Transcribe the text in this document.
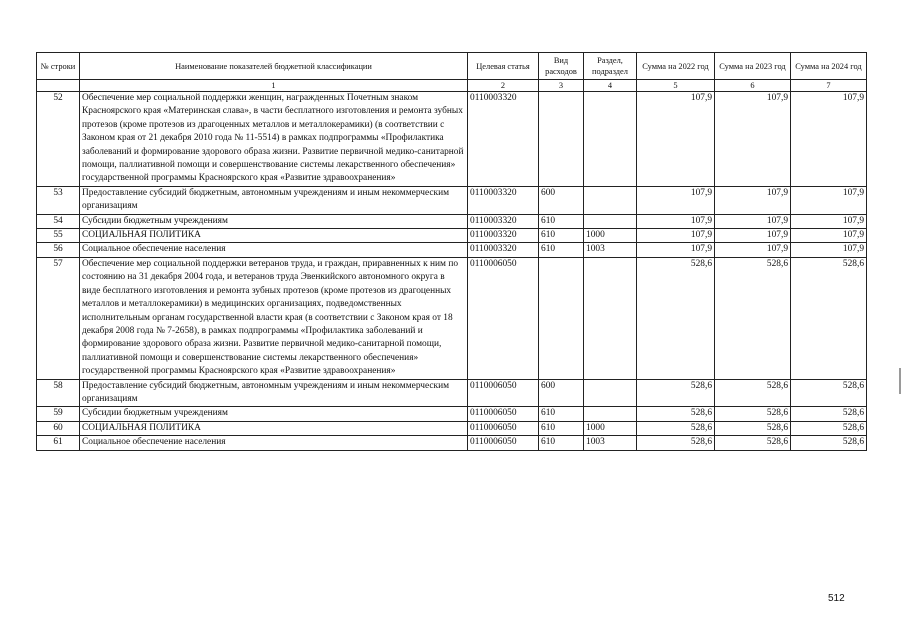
№ строки	Наименование показателей бюджетной классификации	Целевая статья	Вид расходов	Раздел, подраздел	Сумма на 2022 год	Сумма на 2023 год	Сумма на 2024 год
	1	2	3	4	5	6	7
52	Обеспечение мер социальной поддержки женщин, награжденных Почетным знаком Красноярского края «Материнская слава», в части бесплатного изготовления и ремонта зубных протезов (кроме протезов из драгоценных металлов и металлокерамики) (в соответствии с Законом края от 21 декабря 2010 года № 11-5514) в рамках подпрограммы «Профилактика заболеваний и формирование здорового образа жизни. Развитие первичной медико-санитарной помощи, паллиативной помощи и совершенствование системы лекарственного обеспечения» государственной программы Красноярского края «Развитие здравоохранения»	0110003320			107,9	107,9	107,9
53	Предоставление субсидий бюджетным, автономным учреждениям и иным некоммерческим организациям	0110003320	600		107,9	107,9	107,9
54	Субсидии бюджетным учреждениям	0110003320	610		107,9	107,9	107,9
55	СОЦИАЛЬНАЯ ПОЛИТИКА	0110003320	610	1000	107,9	107,9	107,9
56	Социальное обеспечение населения	0110003320	610	1003	107,9	107,9	107,9
57	Обеспечение мер социальной поддержки ветеранов труда, и граждан, приравненных к ним по состоянию на 31 декабря 2004 года, и ветеранов труда Эвенкийского автономного округа в виде бесплатного изготовления и ремонта зубных протезов (кроме протезов из драгоценных металлов и металлокерамики) в медицинских организациях, подведомственных исполнительным органам государственной власти края (в соответствии с Законом края от 18 декабря 2008 года № 7-2658), в рамках подпрограммы «Профилактика заболеваний и формирование здорового образа жизни. Развитие первичной медико-санитарной помощи, паллиативной помощи и совершенствование системы лекарственного обеспечения» государственной программы Красноярского края «Развитие здравоохранения»	0110006050			528,6	528,6	528,6
58	Предоставление субсидий бюджетным, автономным учреждениям и иным некоммерческим организациям	0110006050	600		528,6	528,6	528,6
59	Субсидии бюджетным учреждениям	0110006050	610		528,6	528,6	528,6
60	СОЦИАЛЬНАЯ ПОЛИТИКА	0110006050	610	1000	528,6	528,6	528,6
61	Социальное обеспечение населения	0110006050	610	1003	528,6	528,6	528,6
512
